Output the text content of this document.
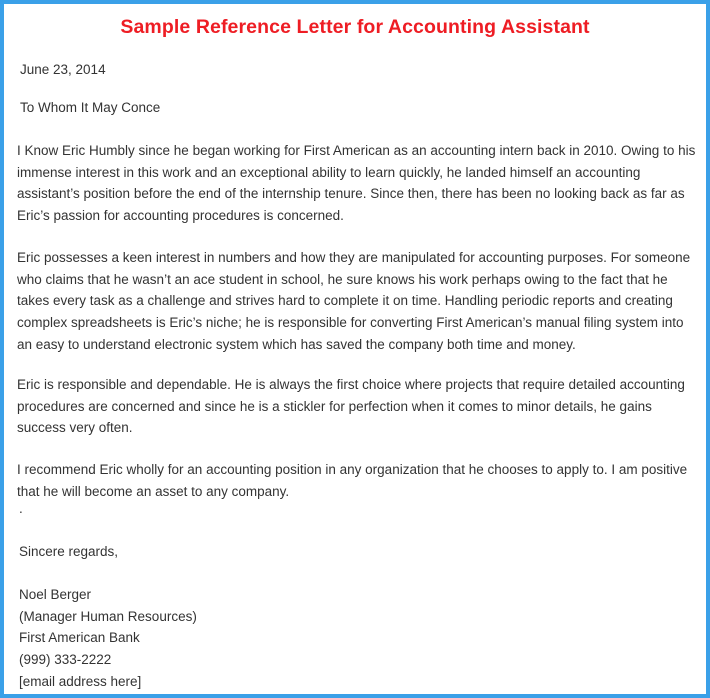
Sample Reference Letter for Accounting Assistant
June 23, 2014
To Whom It May Conce

I Know Eric Humbly since he began working for First American as an accounting intern back in 2010. Owing to his immense interest in this work and an exceptional ability to learn quickly, he landed himself an accounting assistant’s position before the end of the internship tenure. Since then, there has been no looking back as far as Eric’s passion for accounting procedures is concerned.

Eric possesses a keen interest in numbers and how they are manipulated for accounting purposes. For someone who claims that he wasn’t an ace student in school, he sure knows his work perhaps owing to the fact that he takes every task as a challenge and strives hard to complete it on time. Handling periodic reports and creating complex spreadsheets is Eric’s niche; he is responsible for converting First American’s manual filing system into an easy to understand electronic system which has saved the company both time and money.

Eric is responsible and dependable. He is always the first choice where projects that require detailed accounting procedures are concerned and since he is a stickler for perfection when it comes to minor details, he gains success very often.

I recommend Eric wholly for an accounting position in any organization that he chooses to apply to. I am positive that he will become an asset to any company.

.
Sincere regards,
Noel Berger
(Manager Human Resources)
First American Bank
(999) 333-2222
[email address here]
